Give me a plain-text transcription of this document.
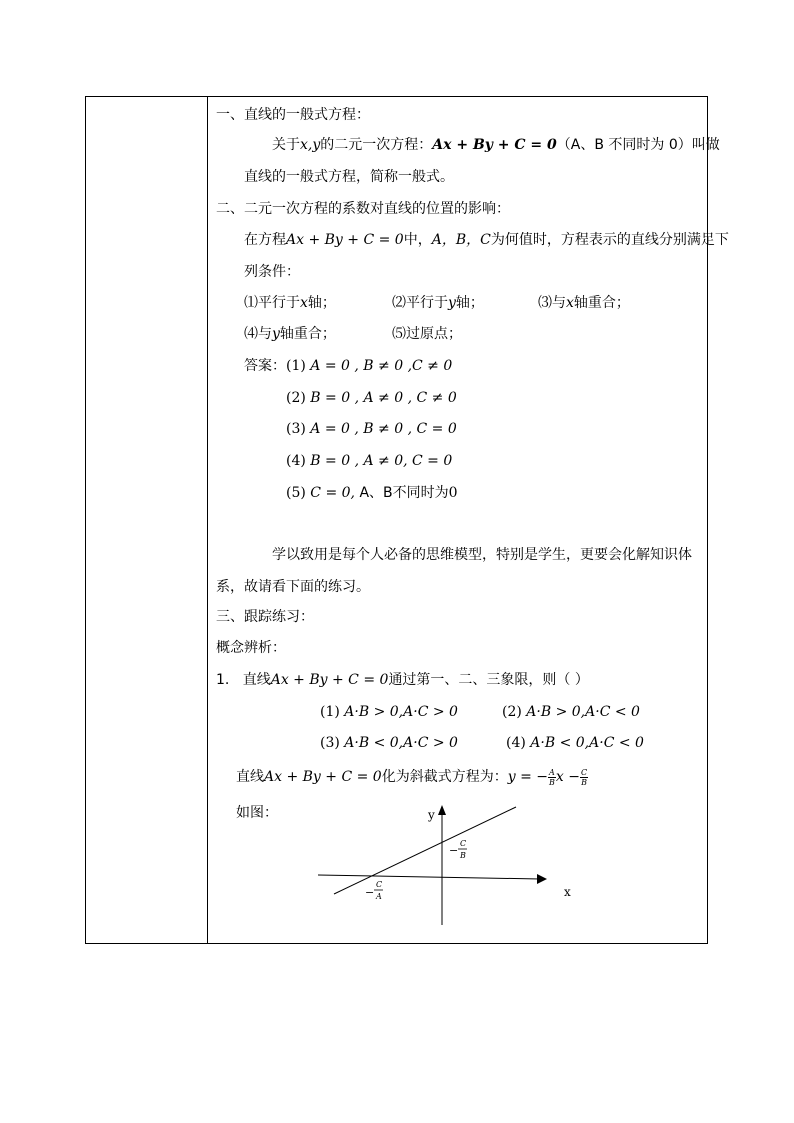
一、直线的一般式方程：
关于x,y的二元一次方程：Ax + By + C = 0（A、B 不同时为 0）叫做
直线的一般式方程，简称一般式。
二、二元一次方程的系数对直线的位置的影响：
在方程Ax + By + C = 0中，A，B，C为何值时，方程表示的直线分别满足下
列条件：
⑴平行于x轴；	⑵平行于y轴；	⑶与x轴重合；
⑷与y轴重合；	⑸过原点；
答案： (1) A = 0 , B ≠ 0 ,C ≠ 0
(2) B = 0 , A ≠ 0 , C ≠ 0
(3) A = 0 , B ≠ 0 , C = 0
(4) B = 0 , A ≠ 0, C = 0
(5) C = 0, A、B不同时为0
学以致用是每个人必备的思维模型，特别是学生，更要会化解知识体
系，故请看下面的练习。
三、跟踪练习：
概念辨析：
1. 直线Ax + By + C = 0通过第一、二、三象限，则（ ）
(1) A·B > 0,A·C > 0	(2) A·B > 0,A·C < 0
(3) A·B < 0,A·C > 0	(4) A·B < 0,A·C < 0
直线Ax + By + C = 0化为斜截式方程为：y = − $\frac{A}{B}$ $x - \frac{C}{B}$
如图：	y
x
−
C
B
−
C
A
